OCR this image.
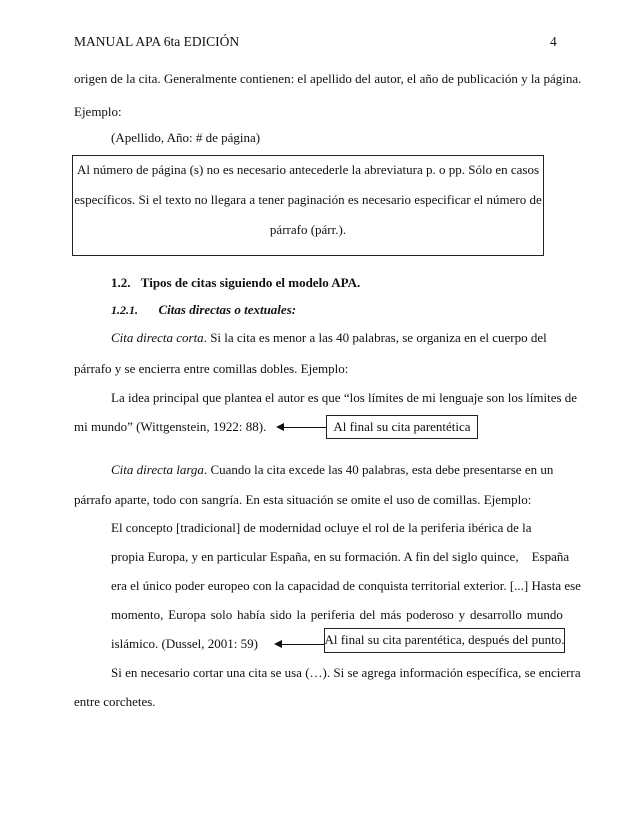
MANUAL APA 6ta EDICIÓN	4
origen de la cita. Generalmente contienen: el apellido del autor, el año de publicación y la página.
Ejemplo:
(Apellido, Año: # de página)
Al número de página (s) no es necesario antecederle la abreviatura p. o pp. Sólo en casos
específicos. Si el texto no llegara a tener paginación es necesario especificar el número de
párrafo (párr.).
1.2. Tipos de citas siguiendo el modelo APA.
1.2.1. Citas directas o textuales:
Cita directa corta. Si la cita es menor a las 40 palabras, se organiza en el cuerpo del
párrafo y se encierra entre comillas dobles. Ejemplo:
La idea principal que plantea el autor es que “los límites de mi lenguaje son los límites de
mi mundo” (Wittgenstein, 1922: 88).	Al final su cita parentética
Cita directa larga. Cuando la cita excede las 40 palabras, esta debe presentarse en un
párrafo aparte, todo con sangría. En esta situación se omite el uso de comillas. Ejemplo:
El concepto [tradicional] de modernidad ocluye el rol de la periferia ibérica de la
propia Europa, y en particular España, en su formación. A fin del siglo quince,    España
era el único poder europeo con la capacidad de conquista territorial exterior. [...] Hasta ese
momento, Europa solo había sido la periferia del más poderoso y desarrollo mundo
islámico. (Dussel, 2001: 59)	Al final su cita parentética, después del punto.
Si en necesario cortar una cita se usa (…). Si se agrega información específica, se encierra
entre corchetes.
